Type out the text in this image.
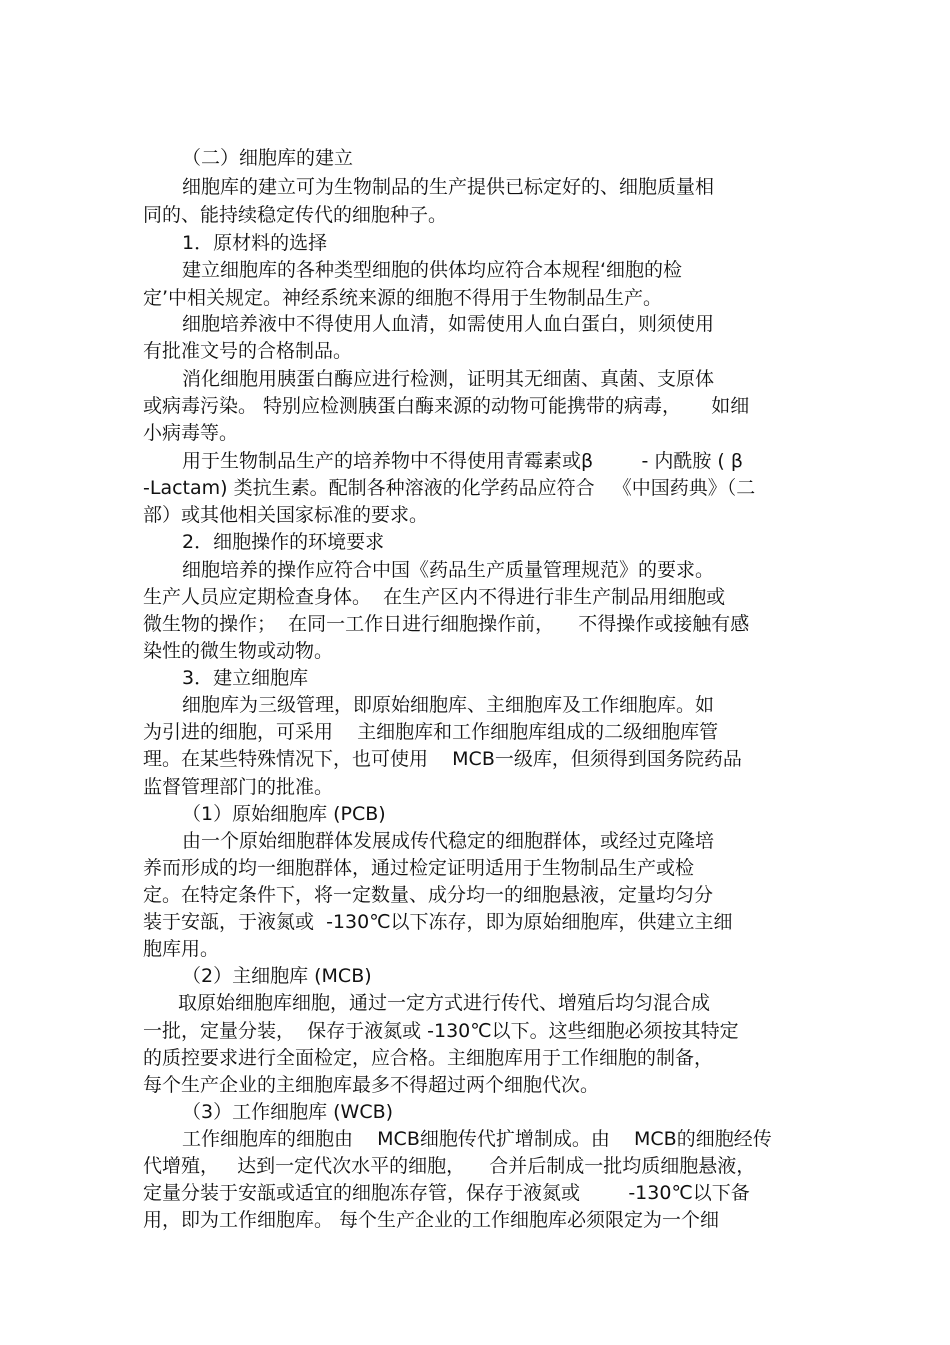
（二）细胞库的建立

细胞库的建立可为生物制品的生产提供已标定好的、细胞质量相

同的、能持续稳定传代的细胞种子。

1．原材料的选择

建立细胞库的各种类型细胞的供体均应符合本规程‘细胞的检

定’中相关规定。神经系统来源的细胞不得用于生物制品生产。

细胞培养液中不得使用人血清，如需使用人血白蛋白，则须使用

有批准文号的合格制品。

消化细胞用胰蛋白酶应进行检测，证明其无细菌、真菌、支原体

或病毒污染。 特别应检测胰蛋白酶来源的动物可能携带的病毒，     如细

小病毒等。

用于生物制品生产的培养物中不得使用青霉素或β        - 内酰胺 ( β

-Lactam) 类抗生素。配制各种溶液的化学药品应符合   《中国药典》（二

部）或其他相关国家标准的要求。

2．细胞操作的环境要求

细胞培养的操作应符合中国《药品生产质量管理规范》的要求。

生产人员应定期检查身体。  在生产区内不得进行非生产制品用细胞或

微生物的操作；  在同一工作日进行细胞操作前，    不得操作或接触有感

染性的微生物或动物。

3．建立细胞库

细胞库为三级管理，即原始细胞库、主细胞库及工作细胞库。如

为引进的细胞，可采用    主细胞库和工作细胞库组成的二级细胞库管

理。在某些特殊情况下，也可使用    MCB一级库，但须得到国务院药品

监督管理部门的批准。

（1）原始细胞库 (PCB)

由一个原始细胞群体发展成传代稳定的细胞群体，或经过克隆培

养而形成的均一细胞群体，通过检定证明适用于生物制品生产或检

定。在特定条件下，将一定数量、成分均一的细胞悬液，定量均匀分

装于安瓿，于液氮或  -130℃以下冻存，即为原始细胞库，供建立主细

胞库用。

（2）主细胞库 (MCB)

取原始细胞库细胞，通过一定方式进行传代、增殖后均匀混合成

一批，定量分装，  保存于液氮或 -130℃以下。这些细胞必须按其特定

的质控要求进行全面检定，应合格。主细胞库用于工作细胞的制备，

每个生产企业的主细胞库最多不得超过两个细胞代次。

（3）工作细胞库 (WCB)

工作细胞库的细胞由    MCB细胞传代扩增制成。由    MCB的细胞经传

代增殖，   达到一定代次水平的细胞，    合并后制成一批均质细胞悬液，

定量分装于安瓿或适宜的细胞冻存管，保存于液氮或        -130℃以下备

用，即为工作细胞库。 每个生产企业的工作细胞库必须限定为一个细
